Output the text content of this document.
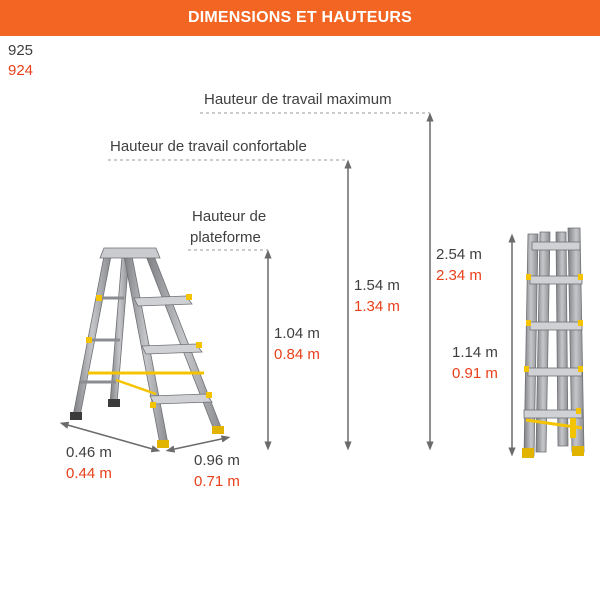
DIMENSIONS ET HAUTEURS
925
924
Hauteur de travail maximum
Hauteur de travail confortable
Hauteur de
plateforme
1.04 m
0.84 m
1.54 m
1.34 m
2.54 m
2.34 m
1.14 m
0.91 m
0.46 m
0.44 m
0.96 m
0.71 m
